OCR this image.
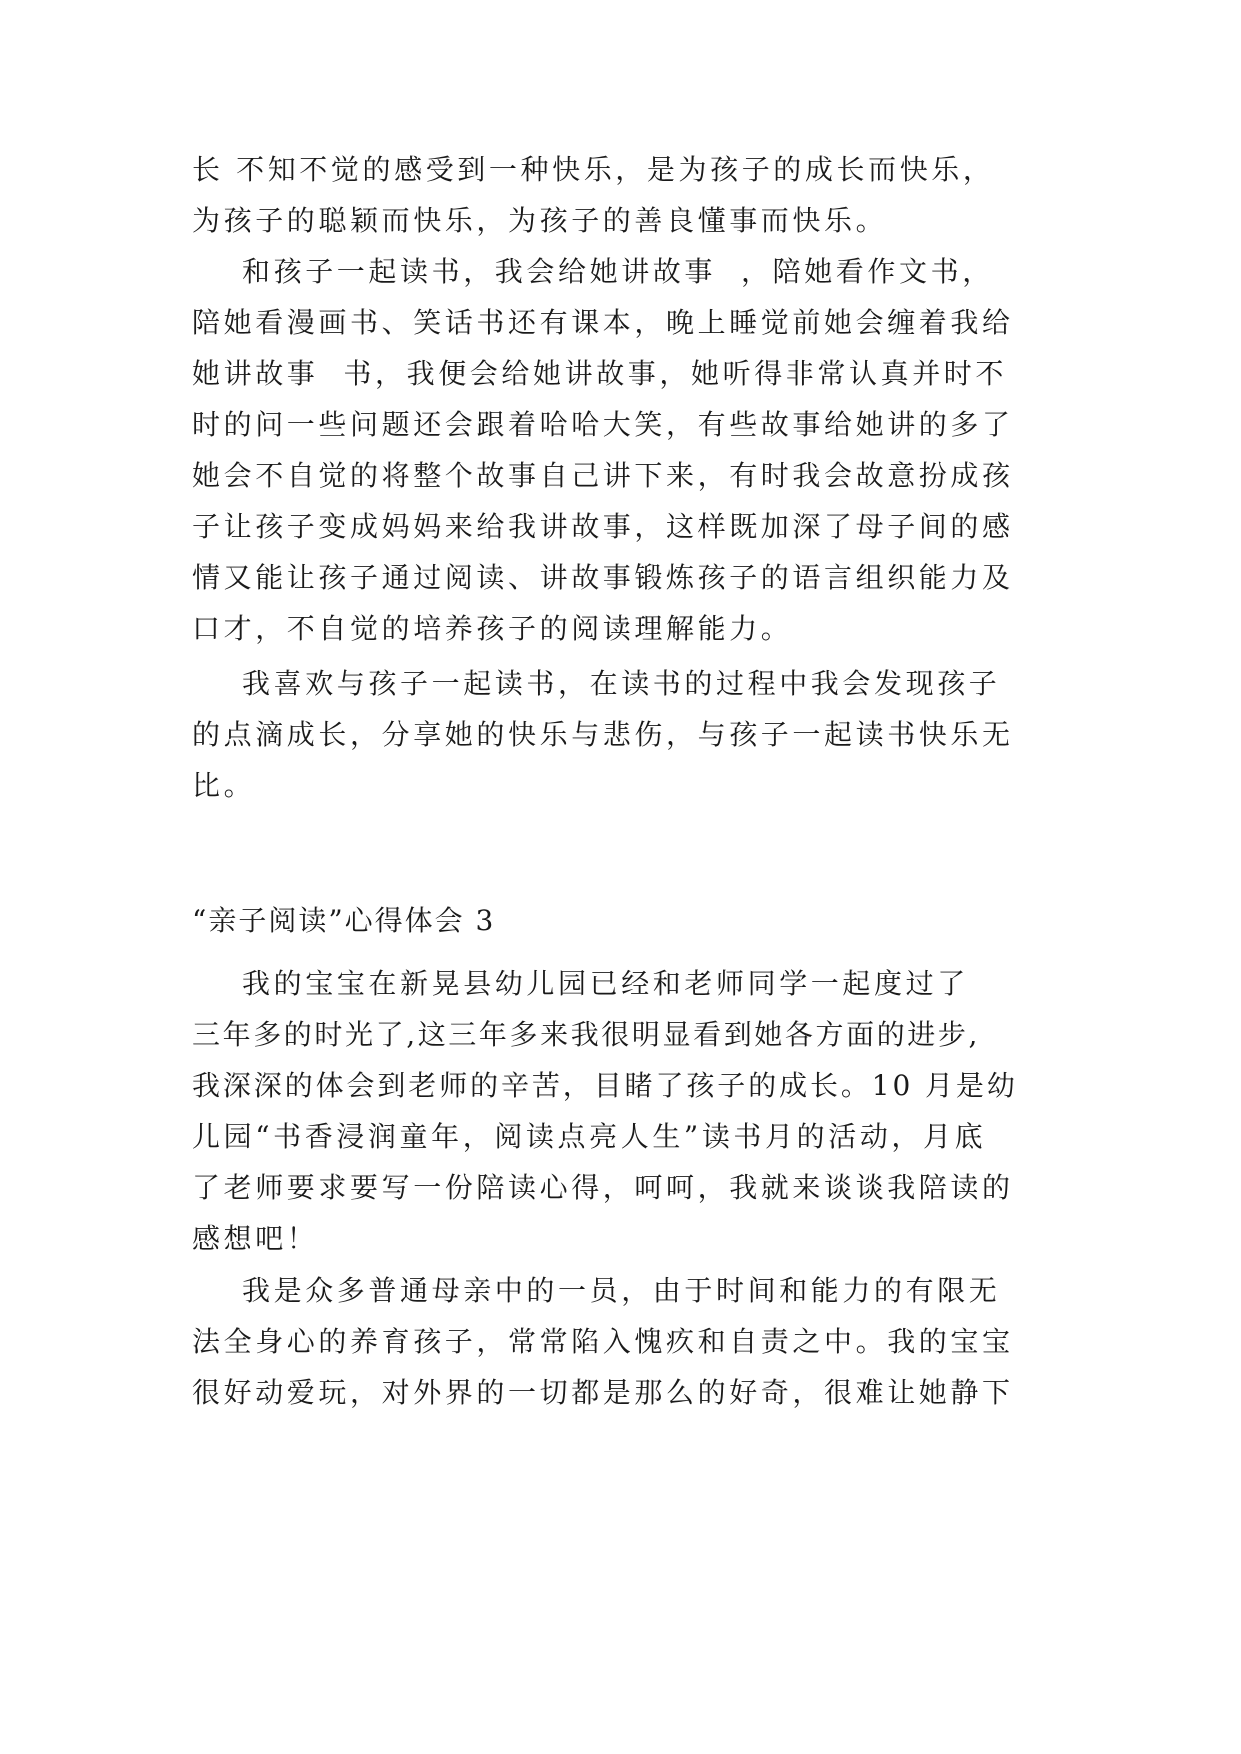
长 不知不觉的感受到一种快乐，是为孩子的成长而快乐，
为孩子的聪颖而快乐，为孩子的善良懂事而快乐。
和孩子一起读书，我会给她讲故事  ，陪她看作文书，
陪她看漫画书、笑话书还有课本，晚上睡觉前她会缠着我给
她讲故事  书，我便会给她讲故事，她听得非常认真并时不
时的问一些问题还会跟着哈哈大笑，有些故事给她讲的多了
她会不自觉的将整个故事自己讲下来，有时我会故意扮成孩
子让孩子变成妈妈来给我讲故事，这样既加深了母子间的感
情又能让孩子通过阅读、讲故事锻炼孩子的语言组织能力及
口才，不自觉的培养孩子的阅读理解能力。
我喜欢与孩子一起读书，在读书的过程中我会发现孩子
的点滴成长，分享她的快乐与悲伤，与孩子一起读书快乐无
比。
“亲子阅读”心得体会 3
我的宝宝在新晃县幼儿园已经和老师同学一起度过了
三年多的时光了,这三年多来我很明显看到她各方面的进步,
我深深的体会到老师的辛苦，目睹了孩子的成长。10 月是幼
儿园“书香浸润童年，阅读点亮人生”读书月的活动，月底
了老师要求要写一份陪读心得，呵呵，我就来谈谈我陪读的
感想吧！
我是众多普通母亲中的一员，由于时间和能力的有限无
法全身心的养育孩子，常常陷入愧疚和自责之中。我的宝宝
很好动爱玩，对外界的一切都是那么的好奇，很难让她静下
